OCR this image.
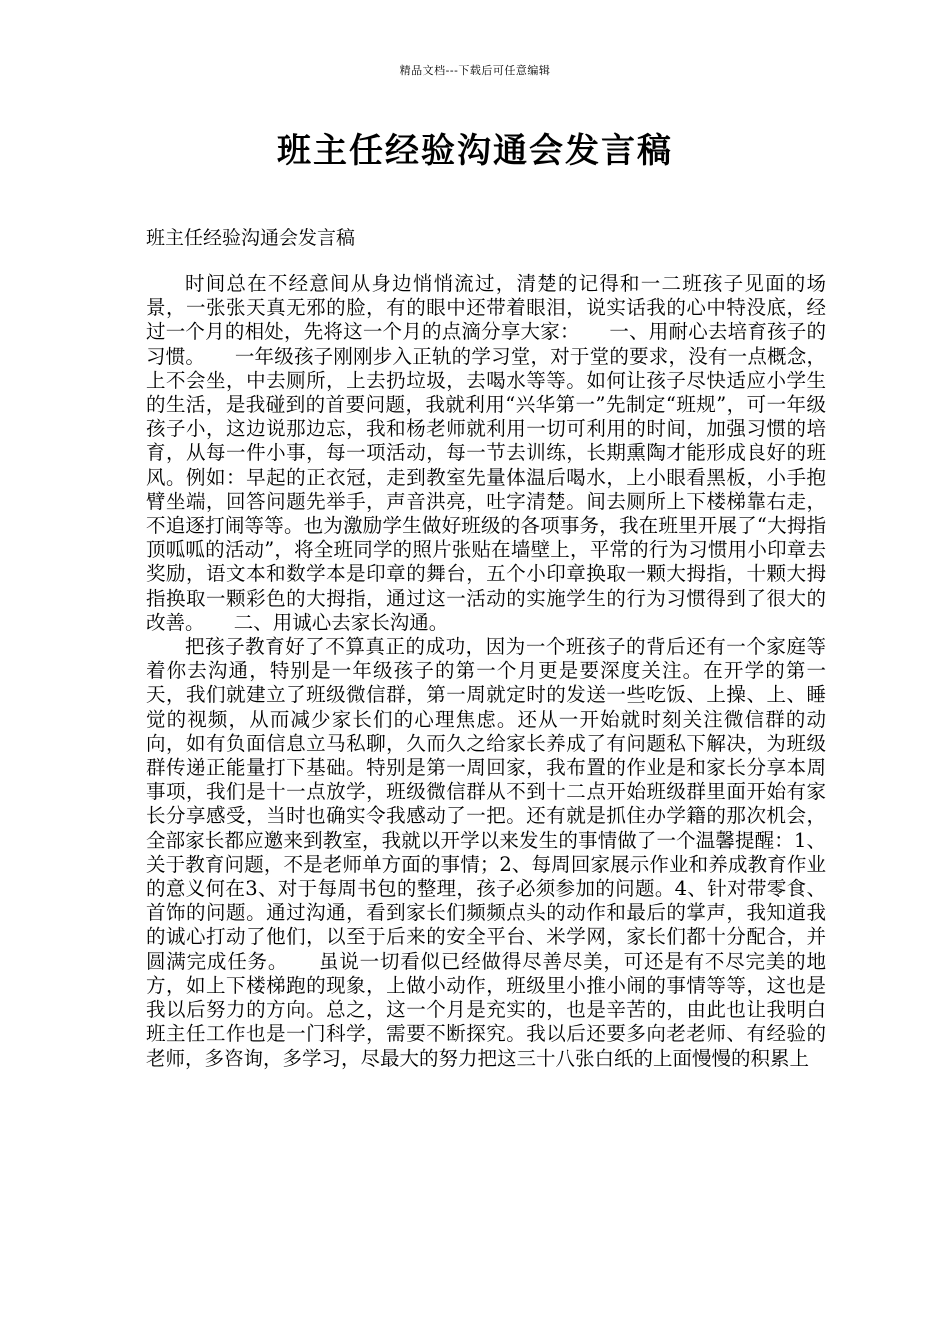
精品文档---下载后可任意编辑
班主任经验沟通会发言稿

班主任经验沟通会发言稿

时间总在不经意间从身边悄悄流过，清楚的记得和一二班孩子见面的场景，一张张天真无邪的脸，有的眼中还带着眼泪，说实话我的心中特没底，经过一个月的相处，先将这一个月的点滴分享大家：　　一、用耐心去培育孩子的习惯。　　一年级孩子刚刚步入正轨的学习堂，对于堂的要求，没有一点概念，上不会坐，中去厕所，上去扔垃圾，去喝水等等。如何让孩子尽快适应小学生的生活，是我碰到的首要问题，我就利用“兴华第一”先制定“班规”，可一年级孩子小，这边说那边忘，我和杨老师就利用一切可利用的时间，加强习惯的培育，从每一件小事，每一项活动，每一节去训练，长期熏陶才能形成良好的班风。例如：早起的正衣冠，走到教室先量体温后喝水，上小眼看黑板，小手抱臂坐端，回答问题先举手，声音洪亮，吐字清楚。间去厕所上下楼梯靠右走，不追逐打闹等等。也为激励学生做好班级的各项事务，我在班里开展了“大拇指顶呱呱的活动”，将全班同学的照片张贴在墙壁上，平常的行为习惯用小印章去奖励，语文本和数学本是印章的舞台，五个小印章换取一颗大拇指，十颗大拇指换取一颗彩色的大拇指，通过这一活动的实施学生的行为习惯得到了很大的改善。　　二、用诚心去家长沟通。

把孩子教育好了不算真正的成功，因为一个班孩子的背后还有一个家庭等着你去沟通，特别是一年级孩子的第一个月更是要深度关注。在开学的第一天，我们就建立了班级微信群，第一周就定时的发送一些吃饭、上操、上、睡觉的视频，从而减少家长们的心理焦虑。还从一开始就时刻关注微信群的动向，如有负面信息立马私聊，久而久之给家长养成了有问题私下解决，为班级群传递正能量打下基础。特别是第一周回家，我布置的作业是和家长分享本周事项，我们是十一点放学，班级微信群从不到十二点开始班级群里面开始有家长分享感受，当时也确实令我感动了一把。还有就是抓住办学籍的那次机会，全部家长都应邀来到教室，我就以开学以来发生的事情做了一个温馨提醒：1、关于教育问题，不是老师单方面的事情；2、每周回家展示作业和养成教育作业的意义何在3、对于每周书包的整理，孩子必须参加的问题。4、针对带零食、首饰的问题。通过沟通，看到家长们频频点头的动作和最后的掌声，我知道我的诚心打动了他们，以至于后来的安全平台、米学网，家长们都十分配合，并圆满完成任务。　　虽说一切看似已经做得尽善尽美，可还是有不尽完美的地方，如上下楼梯跑的现象，上做小动作，班级里小推小闹的事情等等，这也是我以后努力的方向。总之，这一个月是充实的，也是辛苦的，由此也让我明白班主任工作也是一门科学，需要不断探究。我以后还要多向老老师、有经验的老师，多咨询，多学习，尽最大的努力把这三十八张白纸的上面慢慢的积累上
